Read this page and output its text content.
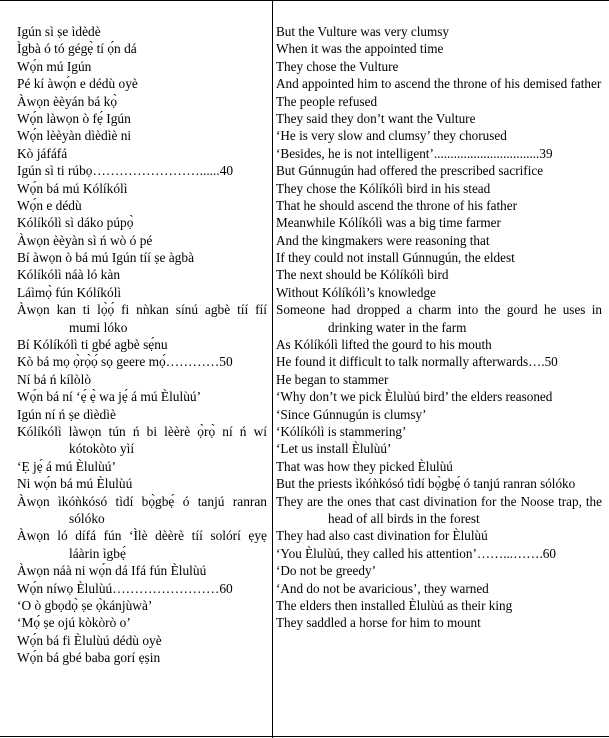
Igún sì ṣe ìdèdè
Ìgbà ó tó gégẹ̀ tí ọ́n dá
Wọ́n mú Igún
Pé kí àwọ́n e dédù oyè
Àwọn èèyán bá kọ̀
Wọ́n làwọn ò fẹ́ Igún
Wọ́n lèèyàn dìèdìè ni
Kò jáfáfá
Igún sì ti rúbọ……………………......40
Wọ́n bá mú Kólíkólì
Wọ́n e dédù
Kólíkólì sì dáko púpọ̀
Àwọn èèyàn sì ń wò ó pé
Bí àwọn ò bá mú Igún tíí ṣe àgbà
Kólíkólì náà ló kàn
Láìmọ̀ fún Kólíkólì
Àwọn kan ti lọ̀ọ́ fi nǹkan sínú agbè tíí fíí mumi lóko
Bí Kólíkólì ti gbé agbè sẹ́nu
Kò bá mọ ọ̀rọ̀ọ́ sọ geere mọ́…………50
Ní bá ń kílòlò
Wọ́n bá ní ‘ẹ́ ẹ̀ wa jẹ́ á mú Èlulùú’
Igún ní ń ṣe dìèdìè
Kólíkólì làwọn tún ń bi lèèrè ọ̀rọ̀ ní ń wí kótokòto yìí
‘Ẹ jẹ́ á mú Èlulùú’
Ni wọ́n bá mú Èlulùú
Àwọn ìkóǹkósó tìdí bọ̀gbẹ́ ó tanjú ranran sólóko
Àwọn ló dífá fún ‘Ìlè dèèrè tíí solórí ẹyẹ láàrin ìgbẹ́
Àwọn náà ni wọ́n dá Ifá fún Èlulùú
Wọ́n níwọ Èlulùú……………………60
‘O ò gbọdọ̀ ṣe ọ̀kánjùwà’
‘Mọ́ ṣe ojú kòkòrò o’
Wọ́n bá fi Èlulùú dédù oyè
Wọ́n bá gbé baba gorí ẹṣin
But the Vulture was very clumsy
When it was the appointed time
They chose the Vulture
And appointed him to ascend the throne of his demised father
The people refused
They said they don’t want the Vulture
‘He is very slow and clumsy’ they chorused
‘Besides, he is not intelligent’................................39
But Gúnnugún had offered the prescribed sacrifice
They chose the Kólíkólì bird in his stead
That he should ascend the throne of his father
Meanwhile Kólíkólì was a big time farmer
And the kingmakers were reasoning that
If they could not install Gúnnugún, the eldest
The next should be Kólíkólì bird
Without Kólíkólì’s knowledge
Someone had dropped a charm into the gourd he uses in drinking water in the farm
As Kólíkólì lifted the gourd to his mouth
He found it difficult to talk normally afterwards….50
He began to stammer
‘Why don’t we pick Èlulùú bird’ the elders reasoned
‘Since Gúnnugún is clumsy’
‘Kólíkólì is stammering’
‘Let us install Èlulùú’
That was how they picked Èlulùú
But the priests ìkóǹkósó tìdí bọ̀gbẹ́ ó tanjú ranran sólóko
They are the ones that cast divination for the Noose trap, the head of all birds in the forest
They had also cast divination for Èlulùú
‘You Èlulùú, they called his attention’……...…….60
‘Do not be greedy’
‘And do not be avaricious’, they warned
The elders then installed Èlulùú as their king
They saddled a horse for him to mount
